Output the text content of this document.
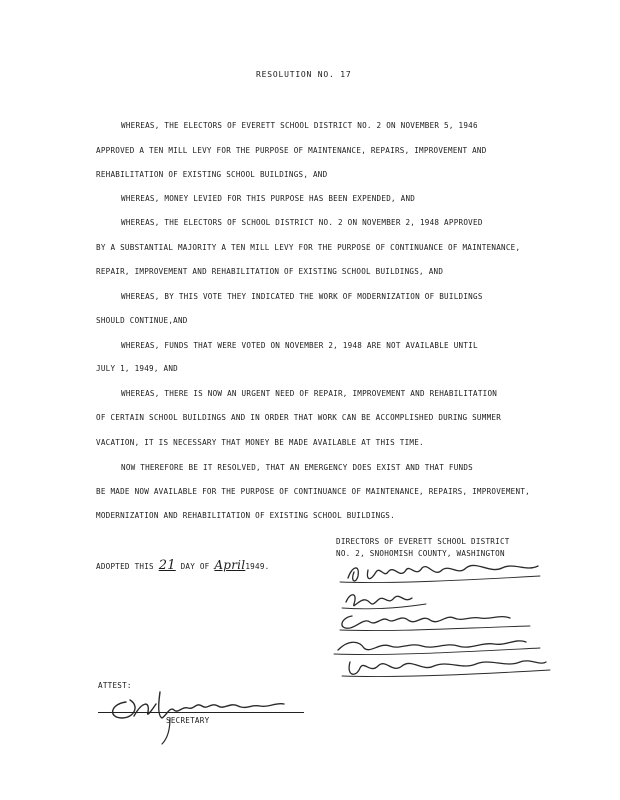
RESOLUTION NO. 17
WHEREAS, THE ELECTORS OF EVERETT SCHOOL DISTRICT NO. 2 ON NOVEMBER 5, 1946
APPROVED A TEN MILL LEVY FOR THE PURPOSE OF MAINTENANCE, REPAIRS, IMPROVEMENT AND
REHABILITATION OF EXISTING SCHOOL BUILDINGS, AND
WHEREAS, MONEY LEVIED FOR THIS PURPOSE HAS BEEN EXPENDED, AND
WHEREAS, THE ELECTORS OF SCHOOL DISTRICT NO. 2 ON NOVEMBER 2, 1948 APPROVED
BY A SUBSTANTIAL MAJORITY A TEN MILL LEVY FOR THE PURPOSE OF CONTINUANCE OF MAINTENANCE,
REPAIR, IMPROVEMENT AND REHABILITATION OF EXISTING SCHOOL BUILDINGS, AND
WHEREAS, BY THIS VOTE THEY INDICATED THE WORK OF MODERNIZATION OF BUILDINGS
SHOULD CONTINUE,AND
WHEREAS, FUNDS THAT WERE VOTED ON NOVEMBER 2, 1948 ARE NOT AVAILABLE UNTIL
JULY 1, 1949, AND
WHEREAS, THERE IS NOW AN URGENT NEED OF REPAIR, IMPROVEMENT AND REHABILITATION
OF CERTAIN SCHOOL BUILDINGS AND IN ORDER THAT WORK CAN BE ACCOMPLISHED DURING SUMMER
VACATION, IT IS NECESSARY THAT MONEY BE MADE AVAILABLE AT THIS TIME.
NOW THEREFORE BE IT RESOLVED, THAT AN EMERGENCY DOES EXIST AND THAT FUNDS
BE MADE NOW AVAILABLE FOR THE PURPOSE OF CONTINUANCE OF MAINTENANCE, REPAIRS, IMPROVEMENT,
MODERNIZATION AND REHABILITATION OF EXISTING SCHOOL BUILDINGS.
DIRECTORS OF EVERETT SCHOOL DISTRICT
NO. 2, SNOHOMISH COUNTY, WASHINGTON
ADOPTED THIS 21 DAY OF April1949.
ATTEST:
SECRETARY
